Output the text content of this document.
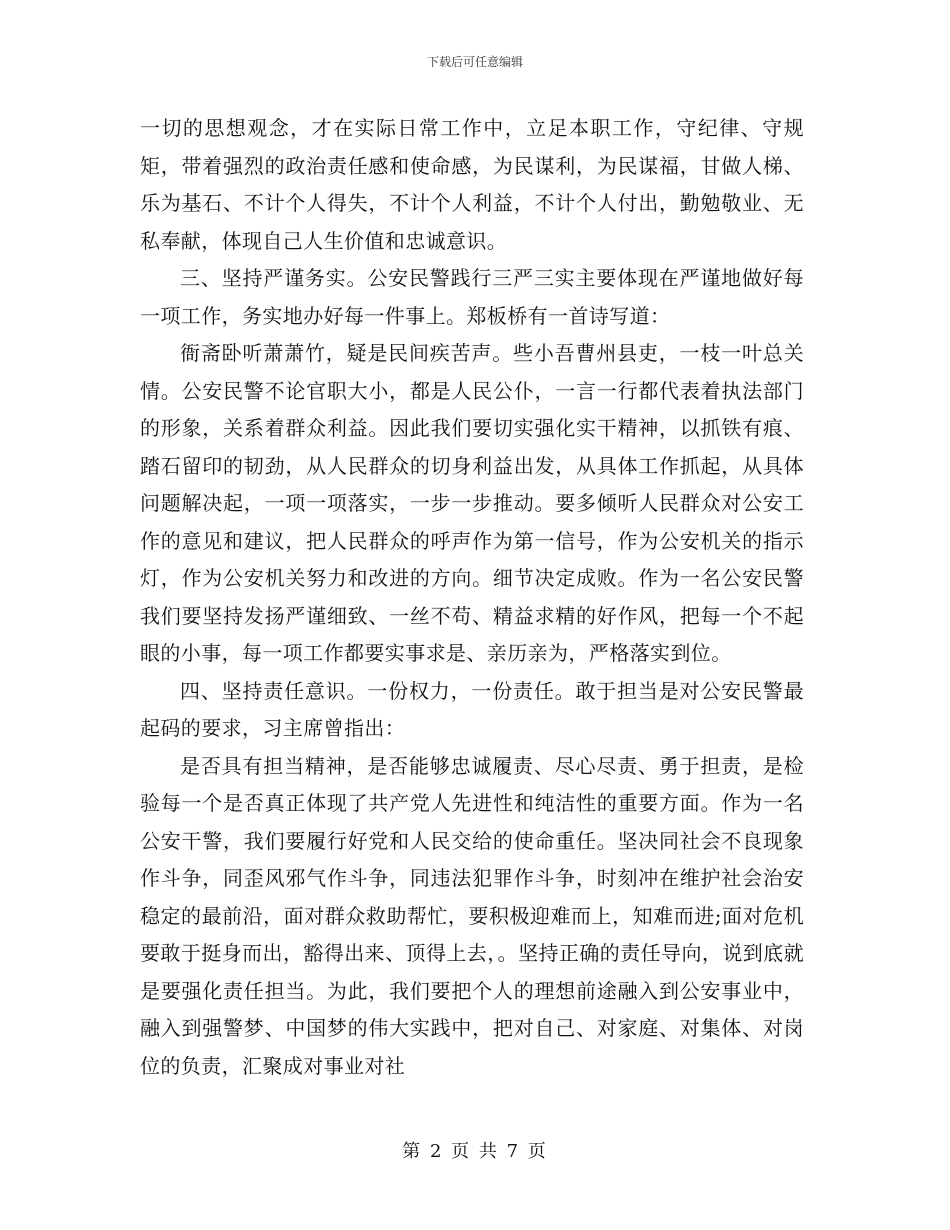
下载后可任意编辑

一切的思想观念，才在实际日常工作中，立足本职工作，守纪律、守规矩，带着强烈的政治责任感和使命感，为民谋利，为民谋福，甘做人梯、乐为基石、不计个人得失，不计个人利益，不计个人付出，勤勉敬业、无私奉献，体现自己人生价值和忠诚意识。

三、坚持严谨务实。公安民警践行三严三实主要体现在严谨地做好每一项工作，务实地办好每一件事上。郑板桥有一首诗写道：

衙斋卧听萧萧竹，疑是民间疾苦声。些小吾曹州县吏，一枝一叶总关情。公安民警不论官职大小，都是人民公仆，一言一行都代表着执法部门的形象，关系着群众利益。因此我们要切实强化实干精神，以抓铁有痕、踏石留印的韧劲，从人民群众的切身利益出发，从具体工作抓起，从具体问题解决起，一项一项落实，一步一步推动。要多倾听人民群众对公安工作的意见和建议，把人民群众的呼声作为第一信号，作为公安机关的指示灯，作为公安机关努力和改进的方向。细节决定成败。作为一名公安民警我们要坚持发扬严谨细致、一丝不苟、精益求精的好作风，把每一个不起眼的小事，每一项工作都要实事求是、亲历亲为，严格落实到位。

四、坚持责任意识。一份权力，一份责任。敢于担当是对公安民警最起码的要求，习主席曾指出：

是否具有担当精神，是否能够忠诚履责、尽心尽责、勇于担责，是检验每一个是否真正体现了共产党人先进性和纯洁性的重要方面。作为一名公安干警，我们要履行好党和人民交给的使命重任。坚决同社会不良现象作斗争，同歪风邪气作斗争，同违法犯罪作斗争，时刻冲在维护社会治安稳定的最前沿，面对群众救助帮忙，要积极迎难而上，知难而进;面对危机要敢于挺身而出，豁得出来、顶得上去，。坚持正确的责任导向，说到底就是要强化责任担当。为此，我们要把个人的理想前途融入到公安事业中，融入到强警梦、中国梦的伟大实践中，把对自己、对家庭、对集体、对岗位的负责，汇聚成对事业对社

第 2 页 共 7 页
